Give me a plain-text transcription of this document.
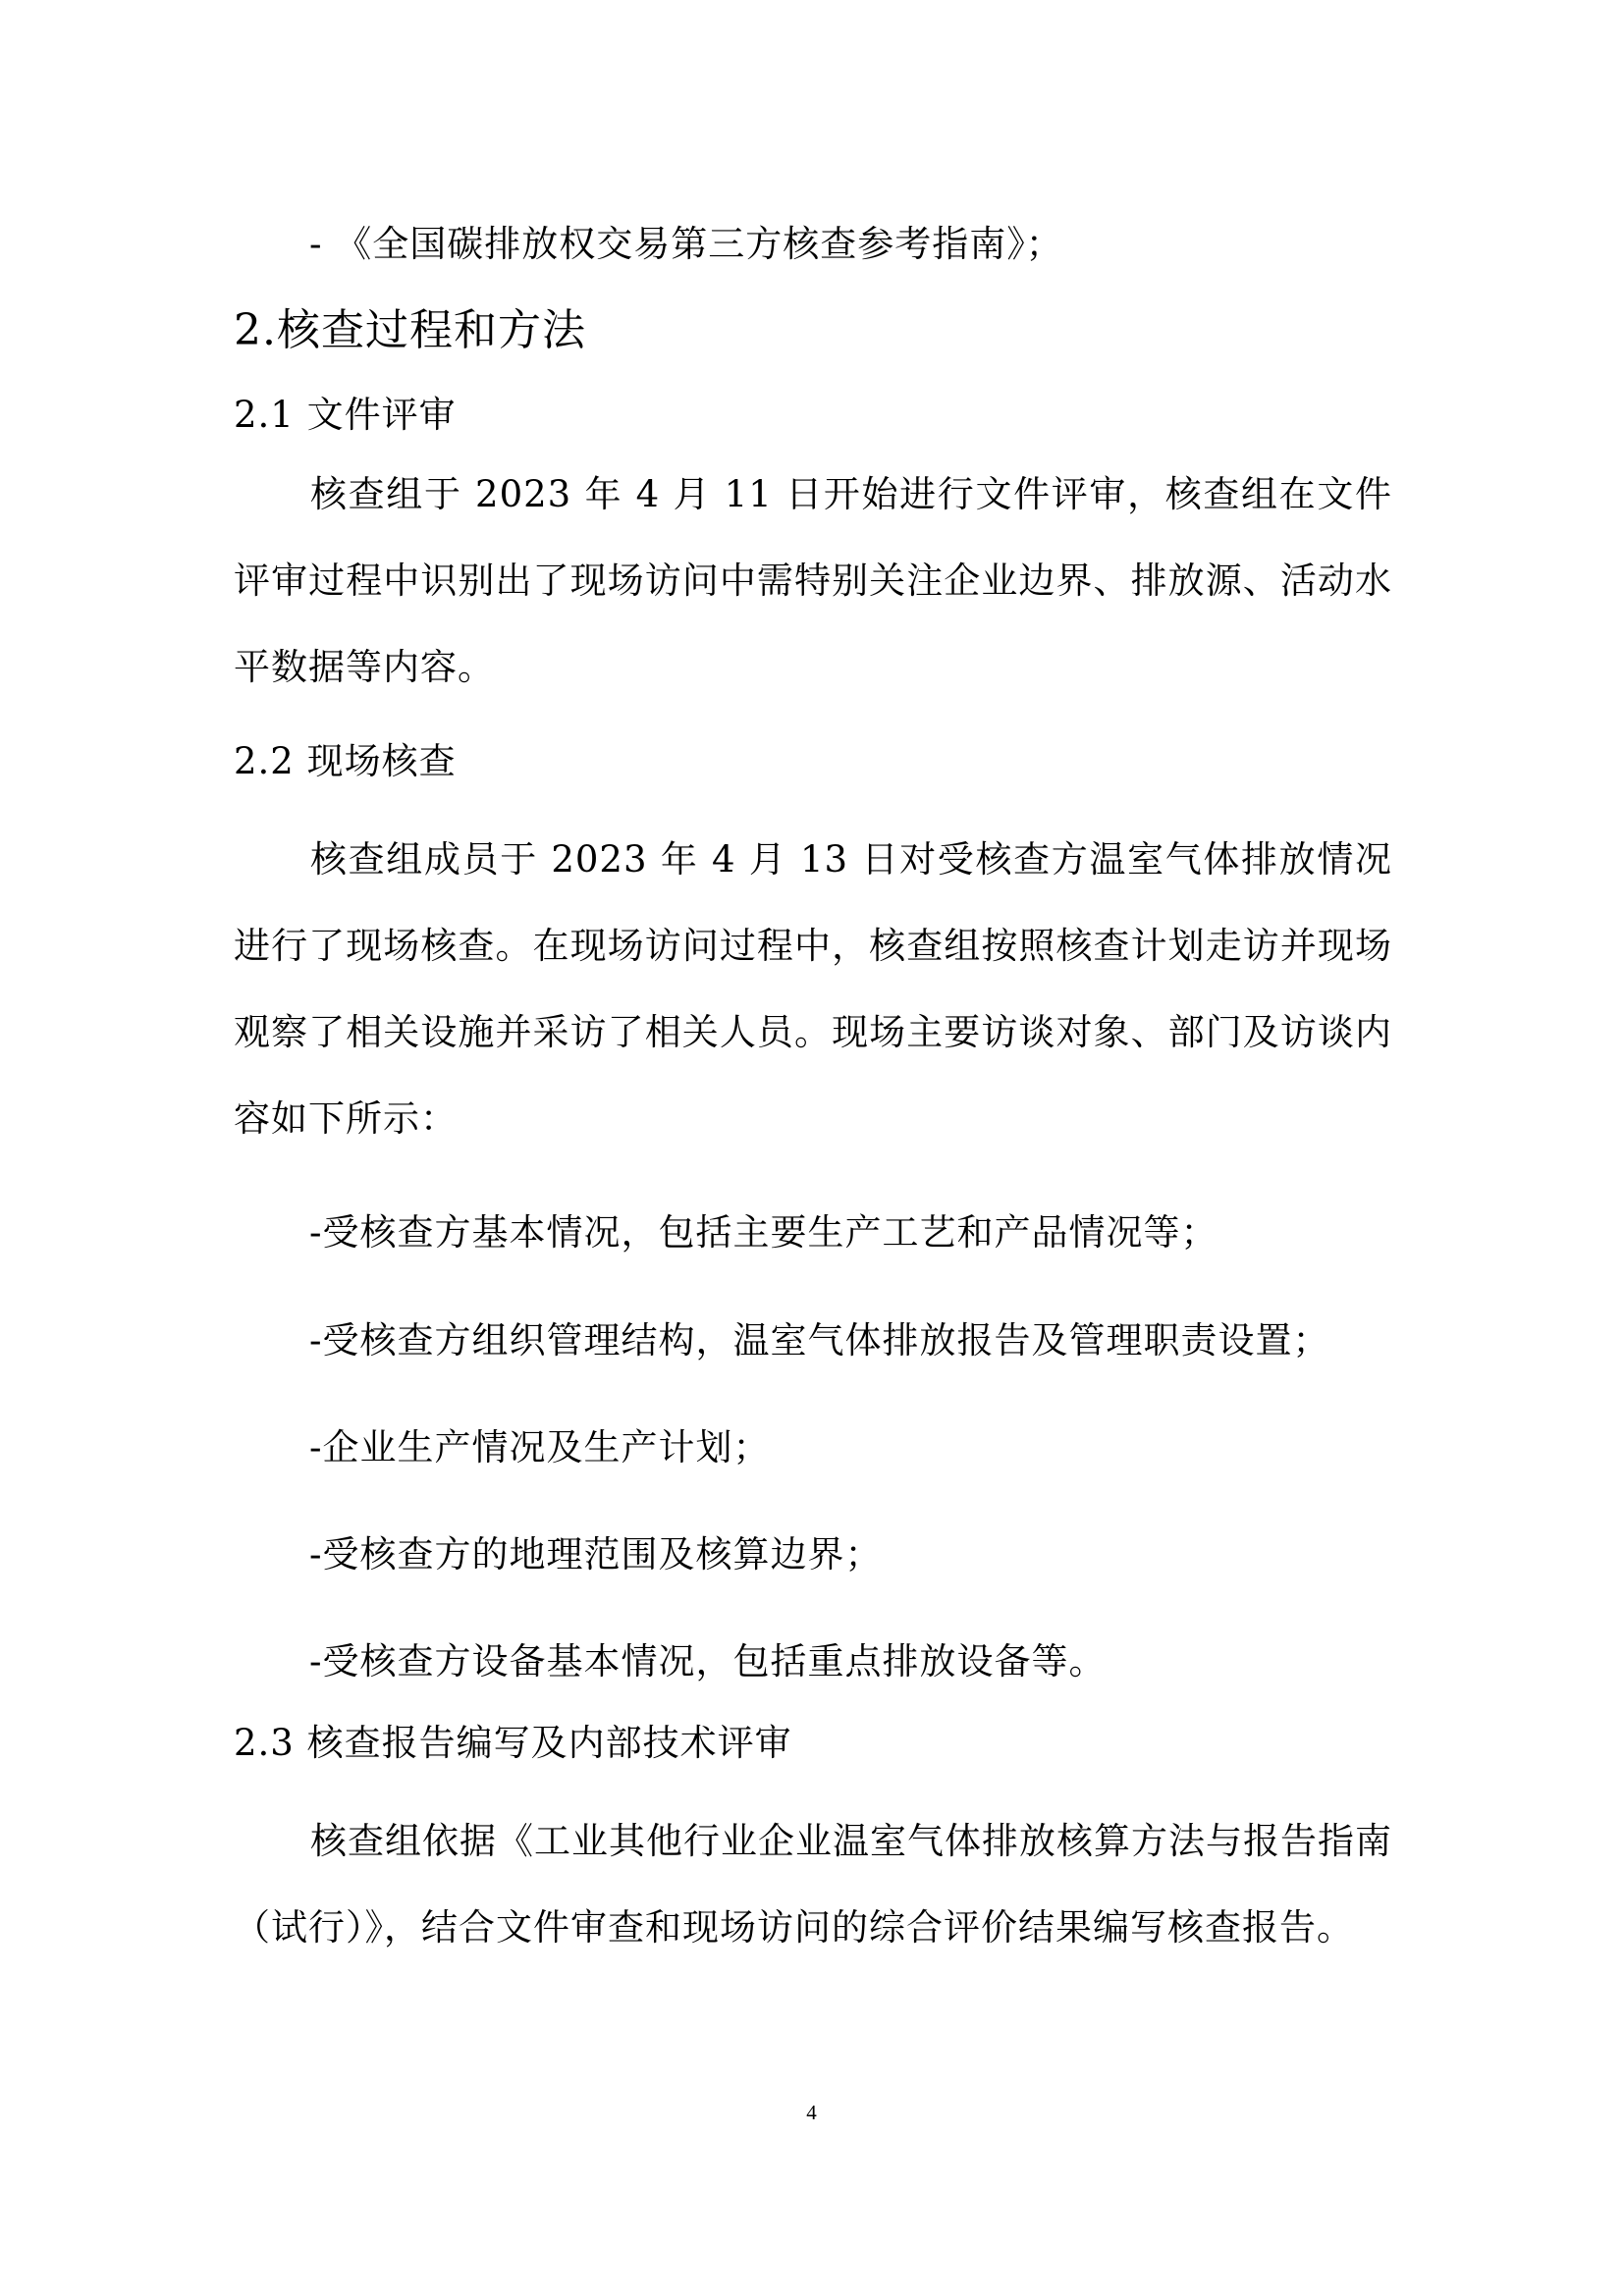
- 《全国碳排放权交易第三方核查参考指南》；

2.核查过程和方法
2.1 文件评审

核查组于 2023 年 4 月 11 日开始进行文件评审，核查组在文件评审过程中识别出了现场访问中需特别关注企业边界、排放源、活动水平数据等内容。

2.2 现场核查

核查组成员于 2023 年 4 月 13 日对受核查方温室气体排放情况进行了现场核查。在现场访问过程中，核查组按照核查计划走访并现场观察了相关设施并采访了相关人员。现场主要访谈对象、部门及访谈内容如下所示：

-受核查方基本情况，包括主要生产工艺和产品情况等；

-受核查方组织管理结构，温室气体排放报告及管理职责设置；

-企业生产情况及生产计划；

-受核查方的地理范围及核算边界；

-受核查方设备基本情况，包括重点排放设备等。

2.3 核查报告编写及内部技术评审

核查组依据《工业其他行业企业温室气体排放核算方法与报告指南（试行）》，结合文件审查和现场访问的综合评价结果编写核查报告。

4
